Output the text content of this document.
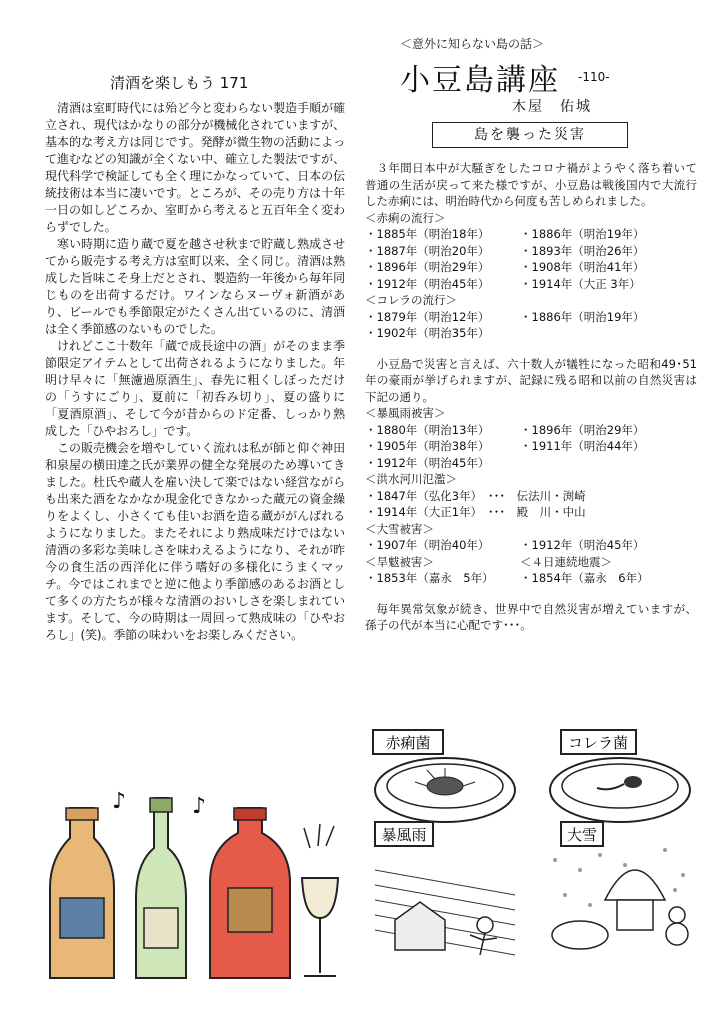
清酒を楽しもう 171

清酒は室町時代には殆ど今と変わらない製造手順が確立され、現代はかなりの部分が機械化されていますが、基本的な考え方は同じです。発酵が微生物の活動によって進むなどの知識が全くない中、確立した製法ですが、現代科学で検証しても全く理にかなっていて、日本の伝統技術は本当に凄いです。ところが、その売り方は十年一日の如しどころか、室町から考えると五百年全く変わらずでした。

寒い時期に造り蔵で夏を越させ秋まで貯蔵し熟成させてから販売する考え方は室町以来、全く同じ。清酒は熟成した旨味こそ身上だとされ、製造約一年後から毎年同じものを出荷するだけ。ワインならヌーヴォ新酒があり、ビールでも季節限定がたくさん出ているのに、清酒は全く季節感のないものでした。

けれどここ十数年「蔵で成長途中の酒」がそのまま季節限定アイテムとして出荷されるようになりました。年明け早々に「無濾過原酒生」、春先に粗くしぼっただけの「うすにごり」、夏前に「初呑み切り」、夏の盛りに「夏酒原酒」、そして今が昔からのド定番、しっかり熟成した「ひやおろし」です。

この販売機会を増やしていく流れは私が師と仰ぐ神田和泉屋の横田達之氏が業界の健全な発展のため導いてきました。杜氏や蔵人を雇い決して楽ではない経営ながらも出来た酒をなかなか現金化できなかった蔵元の資金繰りをよくし、小さくても佳いお酒を造る蔵ががんばれるようになりました。またそれにより熟成味だけではない清酒の多彩な美味しさを味わえるようになり、それが昨今の食生活の西洋化に伴う嗜好の多様化にうまくマッチ。今ではこれまでと逆に他より季節感のあるお酒として多くの方たちが様々な清酒のおいしさを楽しまれています。そして、今の時期は一周回って熟成味の「ひやおろし」(笑)。季節の味わいをお楽しみください。

♪	♪
＜意外に知らない島の話＞
小豆島講座 -110-
木屋　佑城
島を襲った災害

３年間日本中が大騒ぎをしたコロナ禍がようやく落ち着いて普通の生活が戻って来た様ですが、小豆島は戦後国内で大流行した赤痢には、明治時代から何度も苦しめられました。

＜赤痢の流行＞
・1885年（明治18年）	・1886年（明治19年）
・1887年（明治20年）	・1893年（明治26年）
・1896年（明治29年）	・1908年（明治41年）
・1912年（明治45年）	・1914年（大正 3年）
＜コレラの流行＞
・1879年（明治12年）	・1886年（明治19年）
・1902年（明治35年）

小豆島で災害と言えば、六十数人が犠牲になった昭和49･51年の豪雨が挙げられますが、記録に残る昭和以前の自然災害は下記の通り。

＜暴風雨被害＞
・1880年（明治13年）	・1896年（明治29年）
・1905年（明治38年）	・1911年（明治44年）
・1912年（明治45年）
＜洪水河川氾濫＞
・1847年（弘化3年）　･･･　伝法川・渕崎
・1914年（大正1年）　･･･　殿　川・中山
＜大雪被害＞
・1907年（明治40年）	・1912年（明治45年）
＜旱魃被害＞	＜４日連続地震＞
・1853年（嘉永　5年）	・1854年（嘉永　6年）

毎年異常気象が続き、世界中で自然災害が増えていますが、孫子の代が本当に心配です･･･。

赤痢菌	コレラ菌
暴風雨	大雪
